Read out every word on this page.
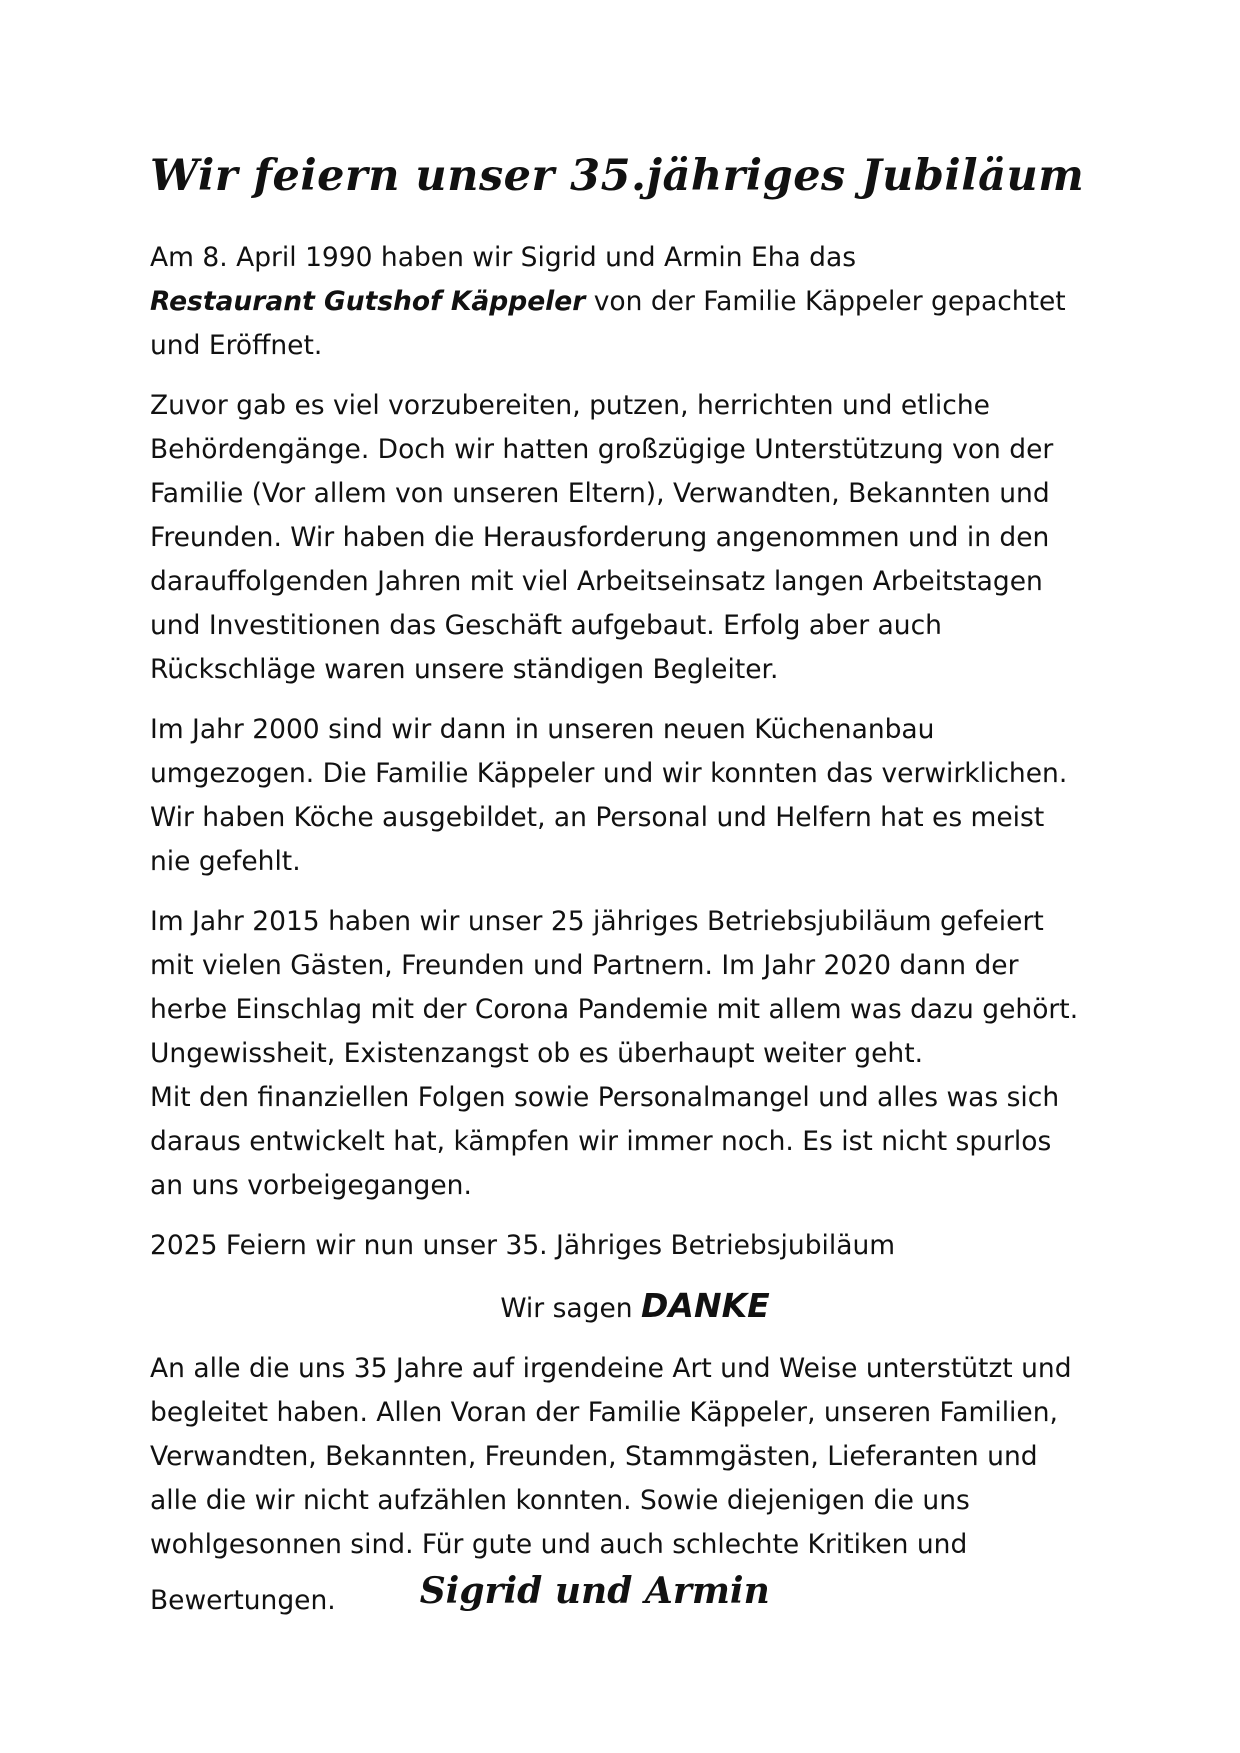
Wir feiern unser 35.jähriges Jubiläum
Am 8. April 1990 haben wir Sigrid und Armin Eha das
Restaurant Gutshof Käppeler von der Familie Käppeler gepachtet
und Eröffnet.
Zuvor gab es viel vorzubereiten, putzen, herrichten und etliche
Behördengänge. Doch wir hatten großzügige Unterstützung von der
Familie (Vor allem von unseren Eltern), Verwandten, Bekannten und
Freunden. Wir haben die Herausforderung angenommen und in den
darauffolgenden Jahren mit viel Arbeitseinsatz langen Arbeitstagen
und Investitionen das Geschäft aufgebaut. Erfolg aber auch
Rückschläge waren unsere ständigen Begleiter.
Im Jahr 2000 sind wir dann in unseren neuen Küchenanbau
umgezogen. Die Familie Käppeler und wir konnten das verwirklichen.
Wir haben Köche ausgebildet, an Personal und Helfern hat es meist
nie gefehlt.
Im Jahr 2015 haben wir unser 25 jähriges Betriebsjubiläum gefeiert
mit vielen Gästen, Freunden und Partnern. Im Jahr 2020 dann der
herbe Einschlag mit der Corona Pandemie mit allem was dazu gehört.
Ungewissheit, Existenzangst ob es überhaupt weiter geht.
Mit den finanziellen Folgen sowie Personalmangel und alles was sich
daraus entwickelt hat, kämpfen wir immer noch. Es ist nicht spurlos
an uns vorbeigegangen.
2025 Feiern wir nun unser 35. Jähriges Betriebsjubiläum
Wir sagen DANKE
An alle die uns 35 Jahre auf irgendeine Art und Weise unterstützt und
begleitet haben. Allen Voran der Familie Käppeler, unseren Familien,
Verwandten, Bekannten, Freunden, Stammgästen, Lieferanten und
alle die wir nicht aufzählen konnten. Sowie diejenigen die uns
wohlgesonnen sind. Für gute und auch schlechte Kritiken und
Bewertungen. Sigrid und Armin
